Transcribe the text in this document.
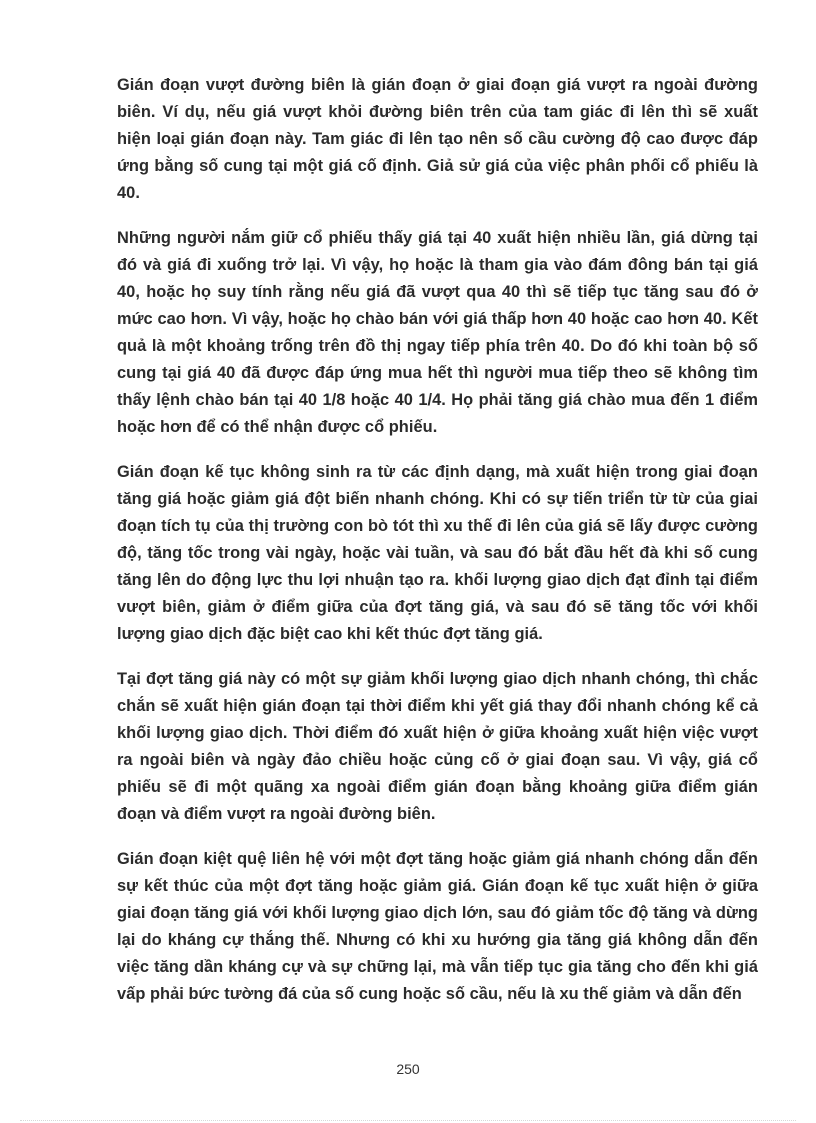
Gián đoạn vượt đường biên là gián đoạn ở giai đoạn giá vượt ra ngoài đường biên. Ví dụ, nếu giá vượt khỏi đường biên trên của tam giác đi lên thì sẽ xuất hiện loại gián đoạn này. Tam giác đi lên tạo nên số cầu cường độ cao được đáp ứng bằng số cung tại một giá cố định. Giả sử giá của việc phân phối cổ phiếu là 40.

Những người nắm giữ cổ phiếu thấy giá tại 40 xuất hiện nhiều lần, giá dừng tại đó và giá đi xuống trở lại. Vì vậy, họ hoặc là tham gia vào đám đông bán tại giá 40, hoặc họ suy tính rằng nếu giá đã vượt qua 40 thì sẽ tiếp tục tăng sau đó ở mức cao hơn. Vì vậy, hoặc họ chào bán với giá thấp hơn 40 hoặc cao hơn 40. Kết quả là một khoảng trống trên đồ thị ngay tiếp phía trên 40. Do đó khi toàn bộ số cung tại giá 40 đã được đáp ứng mua hết thì người mua tiếp theo sẽ không tìm thấy lệnh chào bán tại 40 1/8 hoặc 40 1/4. Họ phải tăng giá chào mua đến 1 điểm hoặc hơn để có thể nhận được cổ phiếu.

Gián đoạn kế tục không sinh ra từ các định dạng, mà xuất hiện trong giai đoạn tăng giá hoặc giảm giá đột biến nhanh chóng. Khi có sự tiến triển từ từ của giai đoạn tích tụ của thị trường con bò tót thì xu thế đi lên của giá sẽ lấy được cường độ, tăng tốc trong vài ngày, hoặc vài tuần, và sau đó bắt đầu hết đà khi số cung tăng lên do động lực thu lợi nhuận tạo ra. khối lượng giao dịch đạt đỉnh tại điểm vượt biên, giảm ở điểm giữa của đợt tăng giá, và sau đó sẽ tăng tốc với khối lượng giao dịch đặc biệt cao khi kết thúc đợt tăng giá.

Tại đợt tăng giá này có một sự giảm khối lượng giao dịch nhanh chóng, thì chắc chắn sẽ xuất hiện gián đoạn tại thời điểm khi yết giá thay đổi nhanh chóng kể cả khối lượng giao dịch. Thời điểm đó xuất hiện ở giữa khoảng xuất hiện việc vượt ra ngoài biên và ngày đảo chiều hoặc củng cố ở giai đoạn sau. Vì vậy, giá cổ phiếu sẽ đi một quãng xa ngoài điểm gián đoạn bằng khoảng giữa điểm gián đoạn và điểm vượt ra ngoài đường biên.

Gián đoạn kiệt quệ liên hệ với một đợt tăng hoặc giảm giá nhanh chóng dẫn đến sự kết thúc của một đợt tăng hoặc giảm giá. Gián đoạn kế tục xuất hiện ở giữa giai đoạn tăng giá với khối lượng giao dịch lớn, sau đó giảm tốc độ tăng và dừng lại do kháng cự thắng thế. Nhưng có khi xu hướng gia tăng giá không dẫn đến việc tăng dần kháng cự và sự chững lại, mà vẫn tiếp tục gia tăng cho đến khi giá vấp phải bức tường đá của số cung hoặc số cầu, nếu là xu thế giảm và dẫn đến

250
